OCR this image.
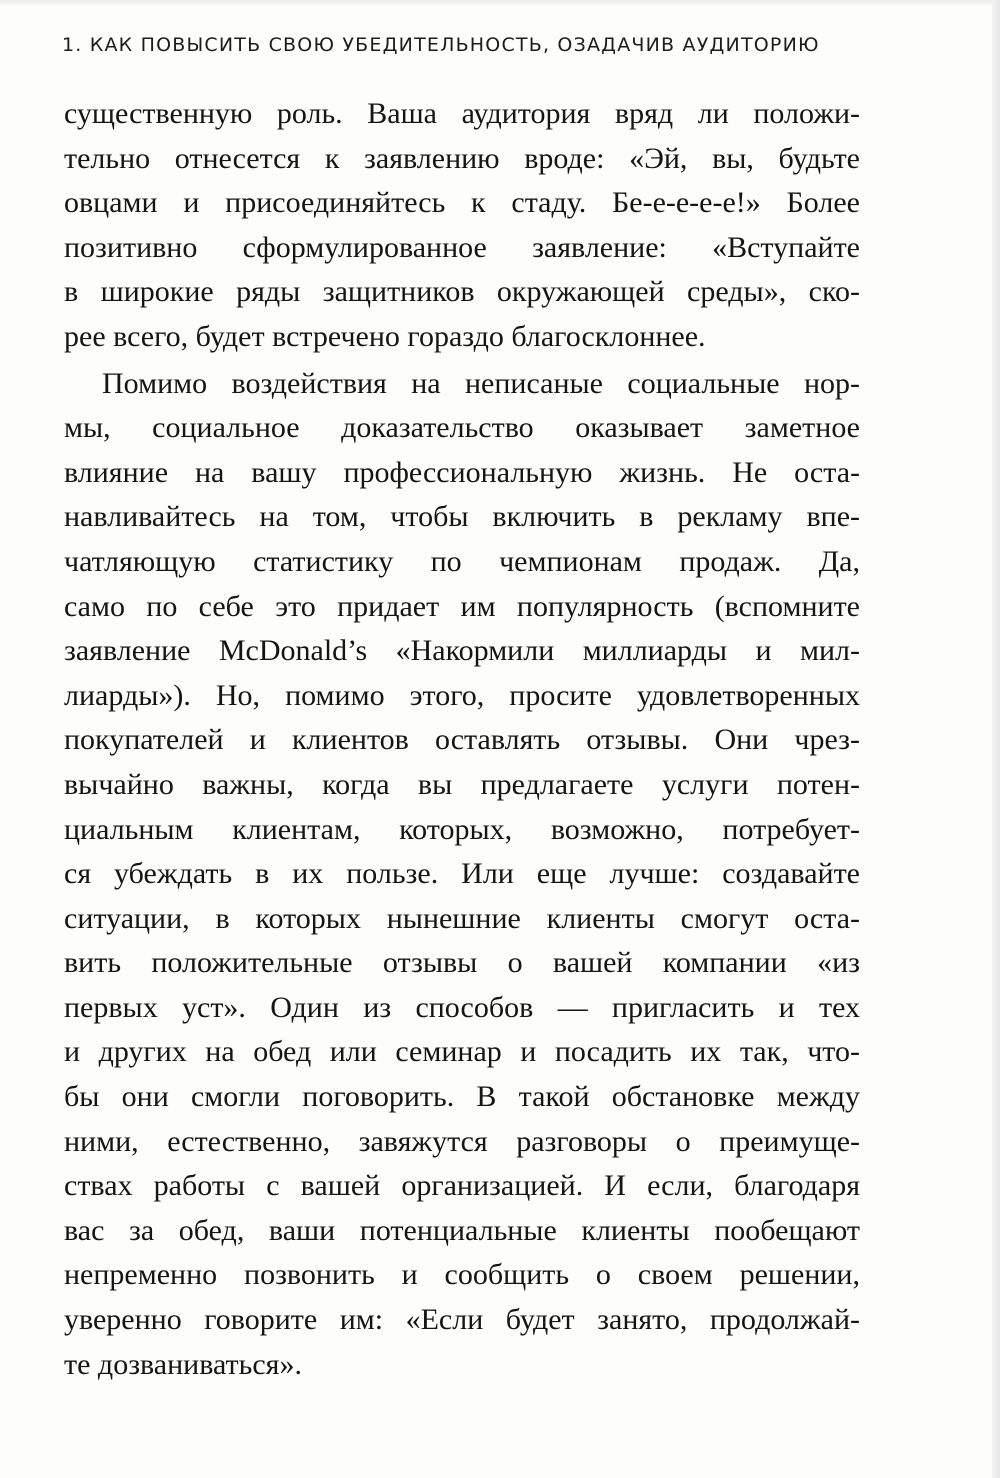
1. КАК ПОВЫСИТЬ СВОЮ УБЕДИТЕЛЬНОСТЬ, ОЗАДАЧИВ АУДИТОРИЮ
существенную роль. Ваша аудитория вряд ли положи-
тельно отнесется к заявлению вроде: «Эй, вы, будьте
овцами и присоединяйтесь к стаду. Бе-е-е-е-е!» Более
позитивно сформулированное заявление: «Вступайте
в широкие ряды защитников окружающей среды», ско-
рее всего, будет встречено гораздо благосклоннее.
Помимо воздействия на неписаные социальные нор-
мы, социальное доказательство оказывает заметное
влияние на вашу профессиональную жизнь. Не оста-
навливайтесь на том, чтобы включить в рекламу впе-
чатляющую статистику по чемпионам продаж. Да,
само по себе это придает им популярность (вспомните
заявление McDonald’s «Накормили миллиарды и мил-
лиарды»). Но, помимо этого, просите удовлетворенных
покупателей и клиентов оставлять отзывы. Они чрез-
вычайно важны, когда вы предлагаете услуги потен-
циальным клиентам, которых, возможно, потребует-
ся убеждать в их пользе. Или еще лучше: создавайте
ситуации, в которых нынешние клиенты смогут оста-
вить положительные отзывы о вашей компании «из
первых уст». Один из способов — пригласить и тех
и других на обед или семинар и посадить их так, что-
бы они смогли поговорить. В такой обстановке между
ними, естественно, завяжутся разговоры о преимуще-
ствах работы с вашей организацией. И если, благодаря
вас за обед, ваши потенциальные клиенты пообещают
непременно позвонить и сообщить о своем решении,
уверенно говорите им: «Если будет занято, продолжай-
те дозваниваться».
